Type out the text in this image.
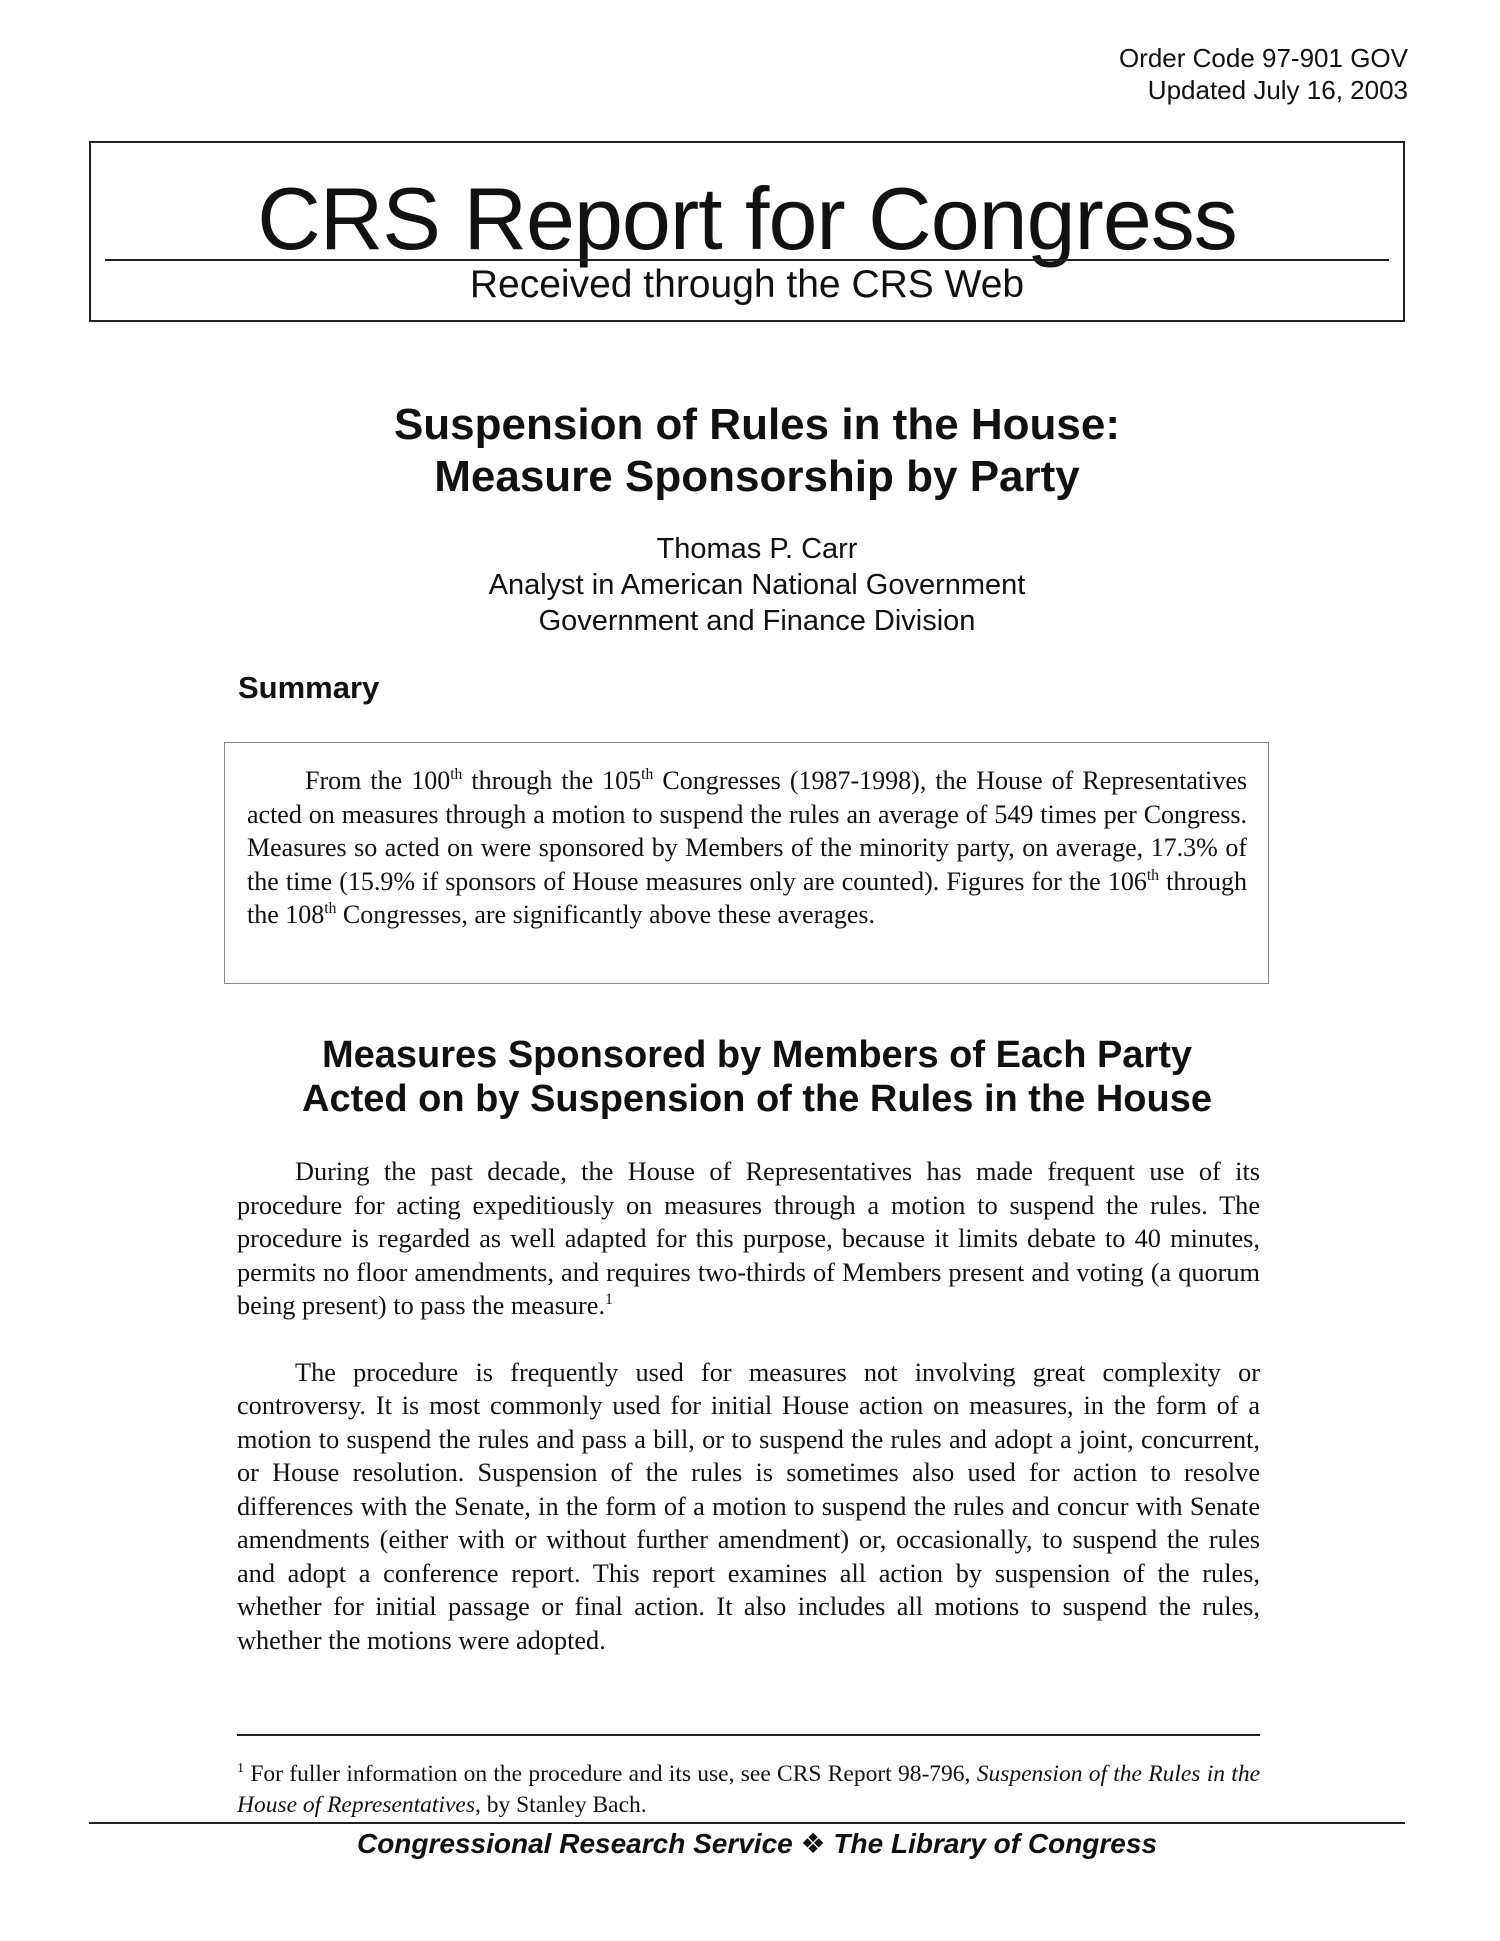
Order Code 97-901 GOV
Updated July 16, 2003
CRS Report for Congress
Received through the CRS Web
Suspension of Rules in the House:
Measure Sponsorship by Party
Thomas P. Carr
Analyst in American National Government
Government and Finance Division
Summary

From the 100th through the 105th Congresses (1987-1998), the House of Representatives acted on measures through a motion to suspend the rules an average of 549 times per Congress. Measures so acted on were sponsored by Members of the minority party, on average, 17.3% of the time (15.9% if sponsors of House measures only are counted). Figures for the 106th through the 108th Congresses, are significantly above these averages.

Measures Sponsored by Members of Each Party
Acted on by Suspension of the Rules in the House

During the past decade, the House of Representatives has made frequent use of its procedure for acting expeditiously on measures through a motion to suspend the rules. The procedure is regarded as well adapted for this purpose, because it limits debate to 40 minutes, permits no floor amendments, and requires two-thirds of Members present and voting (a quorum being present) to pass the measure.$^1$

The procedure is frequently used for measures not involving great complexity or controversy. It is most commonly used for initial House action on measures, in the form of a motion to suspend the rules and pass a bill, or to suspend the rules and adopt a joint, concurrent, or House resolution. Suspension of the rules is sometimes also used for action to resolve differences with the Senate, in the form of a motion to suspend the rules and concur with Senate amendments (either with or without further amendment) or, occasionally, to suspend the rules and adopt a conference report. This report examines all action by suspension of the rules, whether for initial passage or final action. It also includes all motions to suspend the rules, whether the motions were adopted.

$^1$ For fuller information on the procedure and its use, see CRS Report 98-796, Suspension of the Rules in the House of Representatives, by Stanley Bach.
Congressional Research Service ❖ The Library of Congress
